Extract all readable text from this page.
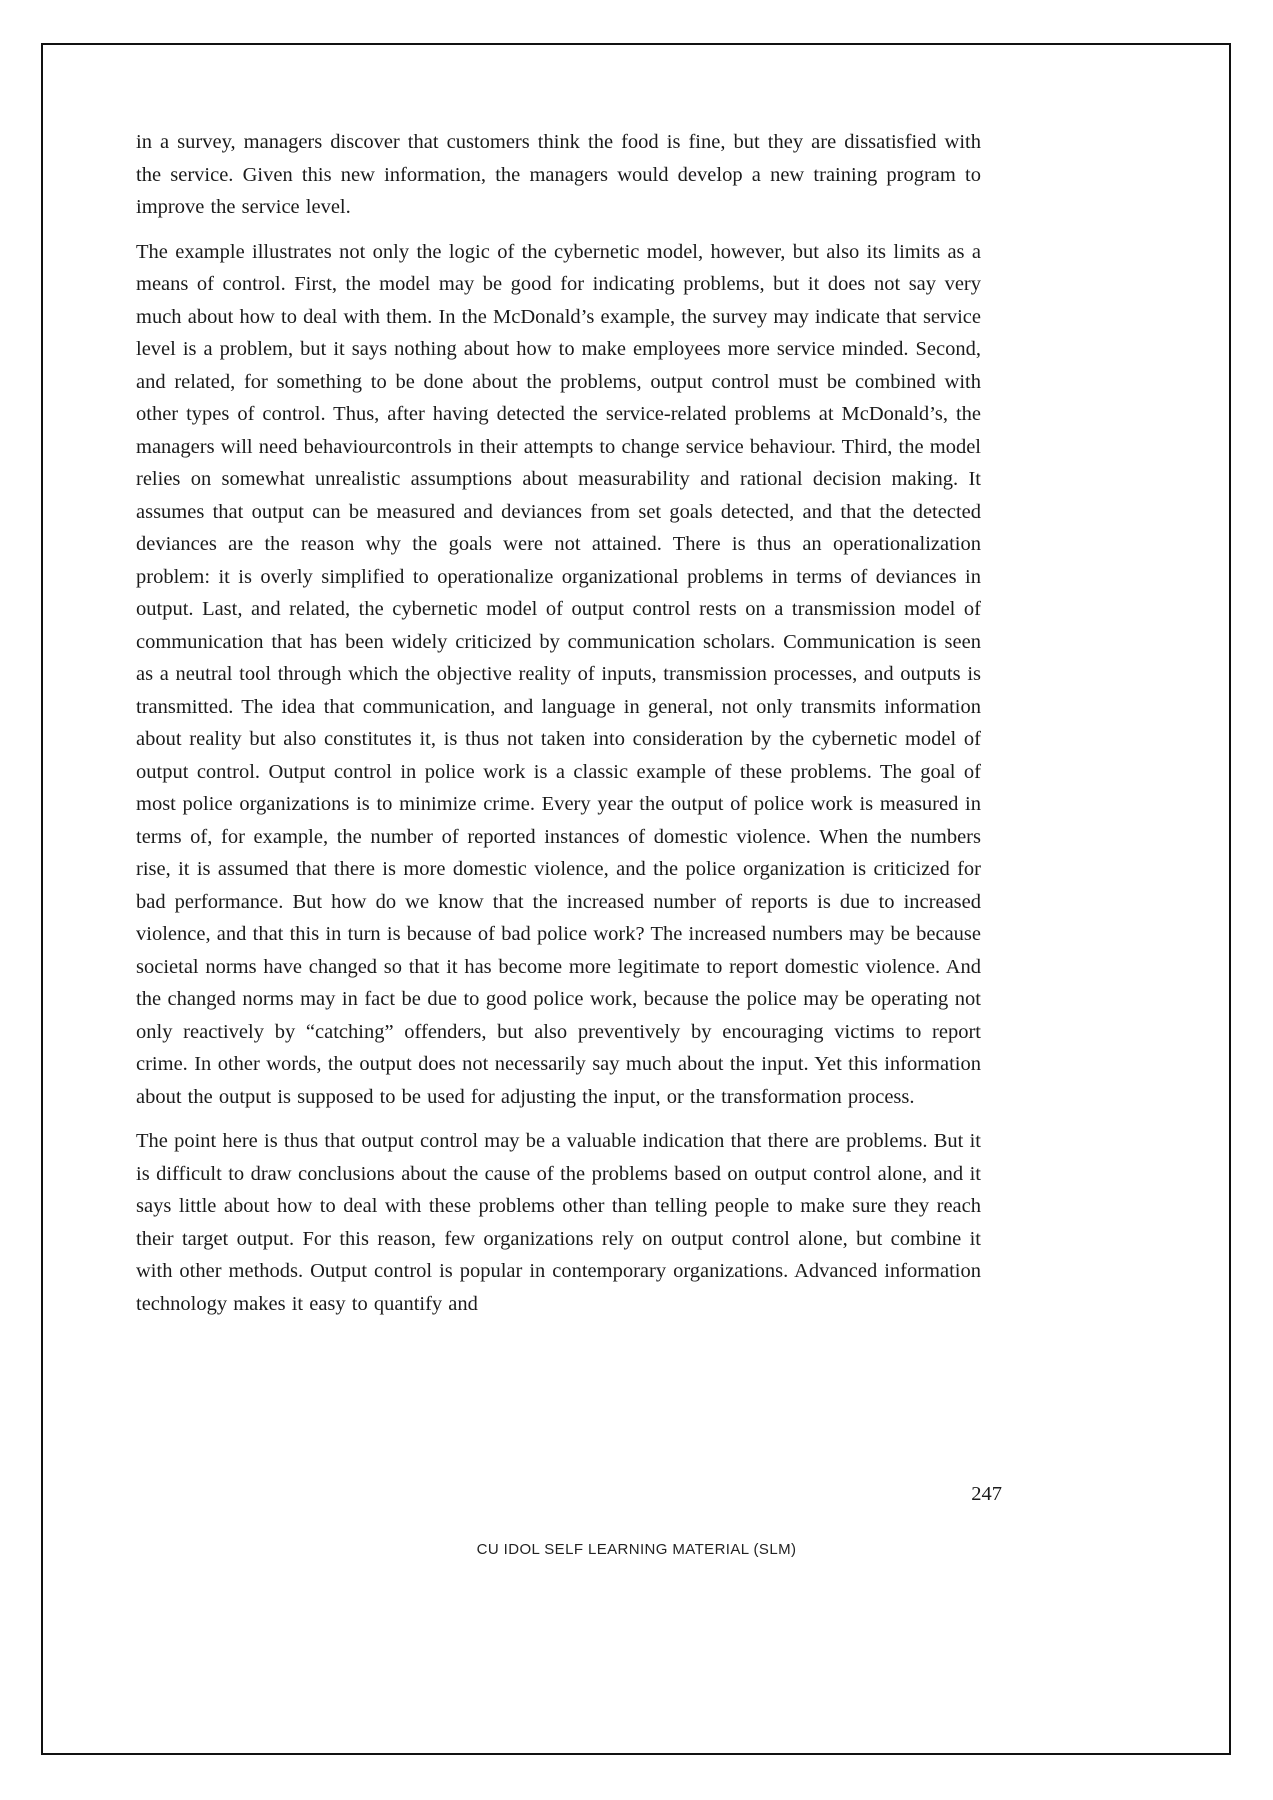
in a survey, managers discover that customers think the food is fine, but they are dissatisfied with the service. Given this new information, the managers would develop a new training program to improve the service level.

The example illustrates not only the logic of the cybernetic model, however, but also its limits as a means of control. First, the model may be good for indicating problems, but it does not say very much about how to deal with them. In the McDonald’s example, the survey may indicate that service level is a problem, but it says nothing about how to make employees more service minded. Second, and related, for something to be done about the problems, output control must be combined with other types of control. Thus, after having detected the service-related problems at McDonald’s, the managers will need behaviourcontrols in their attempts to change service behaviour. Third, the model relies on somewhat unrealistic assumptions about measurability and rational decision making. It assumes that output can be measured and deviances from set goals detected, and that the detected deviances are the reason why the goals were not attained. There is thus an operationalization problem: it is overly simplified to operationalize organizational problems in terms of deviances in output. Last, and related, the cybernetic model of output control rests on a transmission model of communication that has been widely criticized by communication scholars. Communication is seen as a neutral tool through which the objective reality of inputs, transmission processes, and outputs is transmitted. The idea that communication, and language in general, not only transmits information about reality but also constitutes it, is thus not taken into consideration by the cybernetic model of output control. Output control in police work is a classic example of these problems. The goal of most police organizations is to minimize crime. Every year the output of police work is measured in terms of, for example, the number of reported instances of domestic violence. When the numbers rise, it is assumed that there is more domestic violence, and the police organization is criticized for bad performance. But how do we know that the increased number of reports is due to increased violence, and that this in turn is because of bad police work? The increased numbers may be because societal norms have changed so that it has become more legitimate to report domestic violence. And the changed norms may in fact be due to good police work, because the police may be operating not only reactively by “catching” offenders, but also preventively by encouraging victims to report crime. In other words, the output does not necessarily say much about the input. Yet this information about the output is supposed to be used for adjusting the input, or the transformation process.

The point here is thus that output control may be a valuable indication that there are problems. But it is difficult to draw conclusions about the cause of the problems based on output control alone, and it says little about how to deal with these problems other than telling people to make sure they reach their target output. For this reason, few organizations rely on output control alone, but combine it with other methods. Output control is popular in contemporary organizations. Advanced information technology makes it easy to quantify and

247
CU IDOL SELF LEARNING MATERIAL (SLM)
